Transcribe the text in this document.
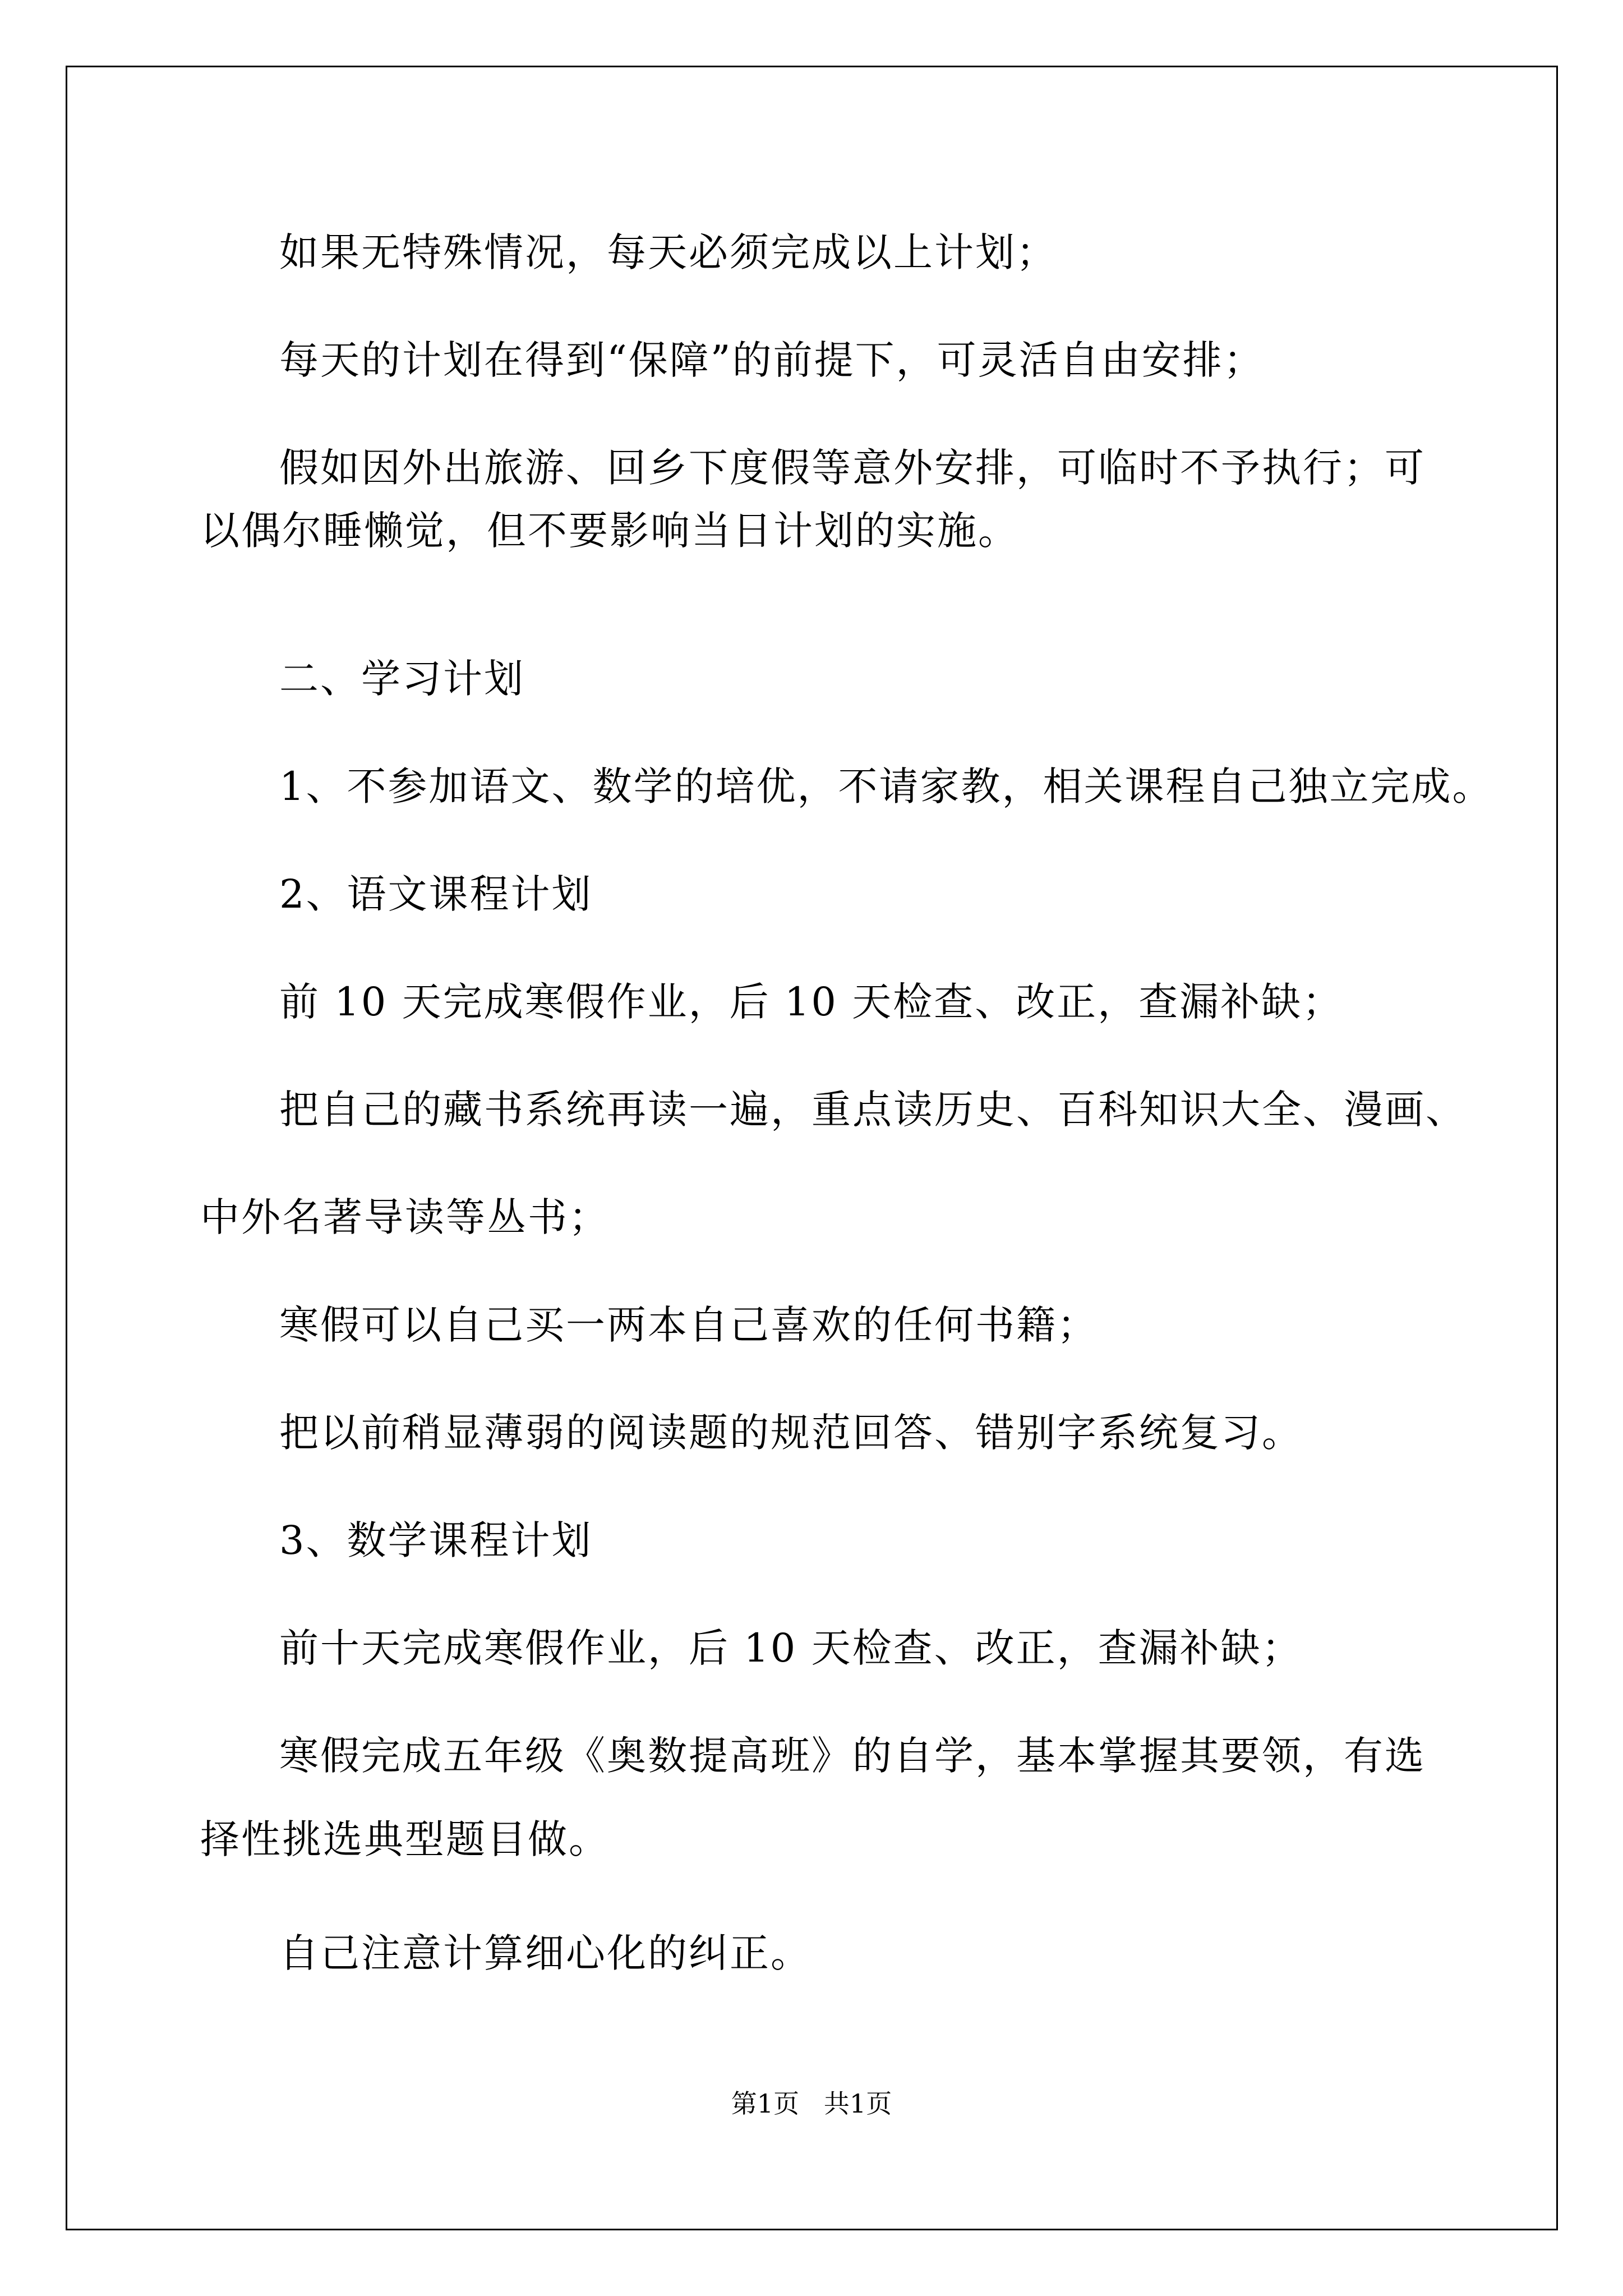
如果无特殊情况，每天必须完成以上计划；
每天的计划在得到“保障”的前提下，可灵活自由安排；
假如因外出旅游、回乡下度假等意外安排，可临时不予执行；可
以偶尔睡懒觉，但不要影响当日计划的实施。
二、学习计划
1、不参加语文、数学的培优，不请家教，相关课程自己独立完成。
2、语文课程计划
前 10 天完成寒假作业，后 10 天检查、改正，查漏补缺；
把自己的藏书系统再读一遍，重点读历史、百科知识大全、漫画、
中外名著导读等丛书；
寒假可以自己买一两本自己喜欢的任何书籍；
把以前稍显薄弱的阅读题的规范回答、错别字系统复习。
3、数学课程计划
前十天完成寒假作业，后 10 天检查、改正，查漏补缺；
寒假完成五年级《奥数提高班》的自学，基本掌握其要领，有选
择性挑选典型题目做。
自己注意计算细心化的纠正。
第1页   共1页
